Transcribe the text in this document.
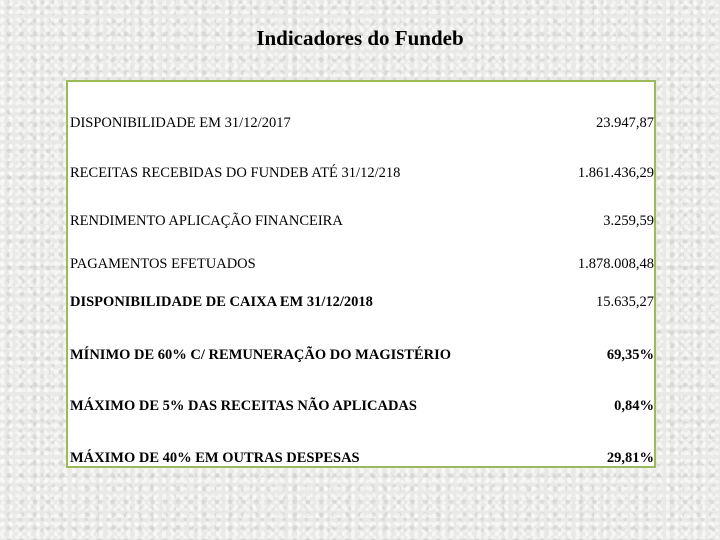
Indicadores do Fundeb
DISPONIBILIDADE EM 31/12/2017	23.947,87
RECEITAS RECEBIDAS DO FUNDEB ATÉ 31/12/218	1.861.436,29
RENDIMENTO APLICAÇÃO FINANCEIRA	3.259,59
PAGAMENTOS EFETUADOS	1.878.008,48
DISPONIBILIDADE DE CAIXA EM 31/12/2018	15.635,27
MÍNIMO DE 60% C/ REMUNERAÇÃO DO MAGISTÉRIO	69,35%
MÁXIMO DE 5% DAS RECEITAS NÃO APLICADAS	0,84%
MÁXIMO DE 40% EM OUTRAS DESPESAS	29,81%
